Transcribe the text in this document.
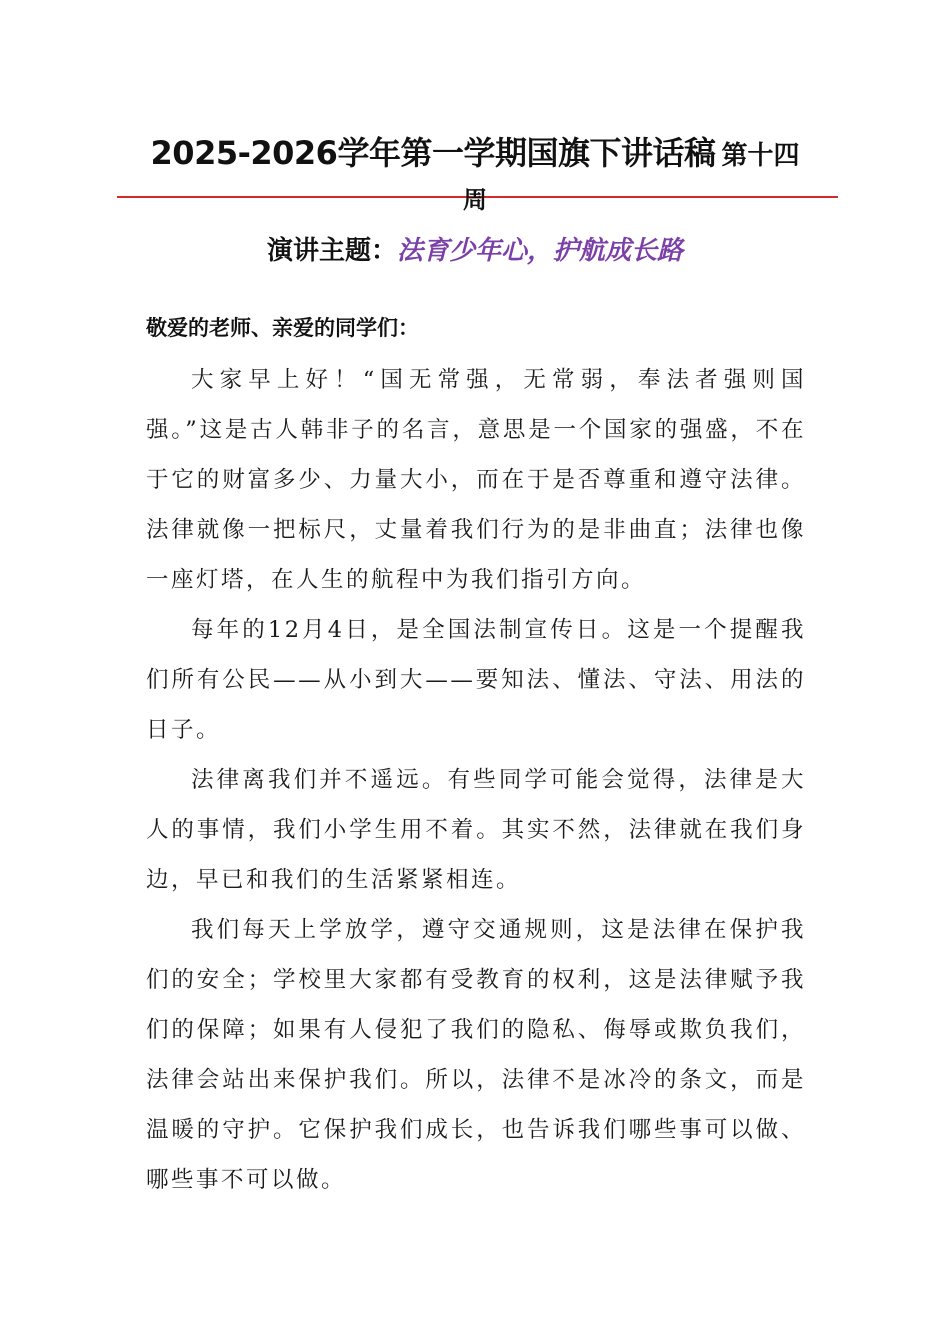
2025-2026学年第一学期国旗下讲话稿 第十四
周
演讲主题：法育少年心，护航成长路
敬爱的老师、亲爱的同学们：

大家早上好！“国无常强，无常弱，奉法者强则国强。”这是古人韩非子的名言，意思是一个国家的强盛，不在于它的财富多少、力量大小，而在于是否尊重和遵守法律。法律就像一把标尺，丈量着我们行为的是非曲直；法律也像一座灯塔，在人生的航程中为我们指引方向。

每年的12月4日，是全国法制宣传日。这是一个提醒我们所有公民——从小到大——要知法、懂法、守法、用法的日子。

法律离我们并不遥远。有些同学可能会觉得，法律是大人的事情，我们小学生用不着。其实不然，法律就在我们身边，早已和我们的生活紧紧相连。

我们每天上学放学，遵守交通规则，这是法律在保护我们的安全；学校里大家都有受教育的权利，这是法律赋予我们的保障；如果有人侵犯了我们的隐私、侮辱或欺负我们，法律会站出来保护我们。所以，法律不是冰冷的条文，而是温暖的守护。它保护我们成长，也告诉我们哪些事可以做、哪些事不可以做。
